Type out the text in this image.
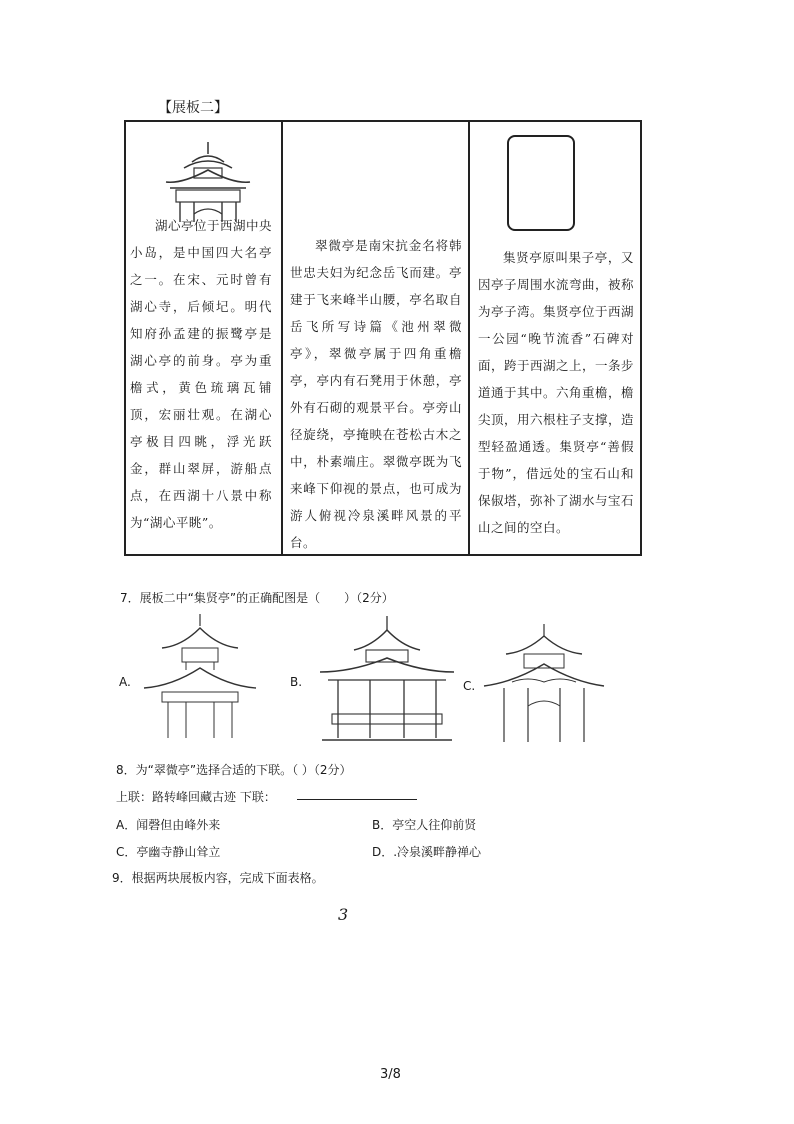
【展板二】
湖心亭位于西湖中央小岛，是中国四大名亭之一。在宋、元时曾有湖心寺，后倾圮。明代知府孙孟建的振鹭亭是湖心亭的前身。亭为重檐式，黄色琉璃瓦铺顶，宏丽壮观。在湖心亭极目四眺，浮光跃金，群山翠屏，游船点点，在西湖十八景中称为“湖心平眺”。
翠微亭是南宋抗金名将韩世忠夫妇为纪念岳飞而建。亭建于飞来峰半山腰，亭名取自岳飞所写诗篇《池州翠微亭》，翠微亭属于四角重檐亭，亭内有石凳用于休憩，亭外有石砌的观景平台。亭旁山径旋绕，亭掩映在苍松古木之中，朴素端庄。翠微亭既为飞来峰下仰视的景点，也可成为游人俯视冷泉溪畔风景的平台。
集贤亭原叫果子亭，又因亭子周围水流弯曲，被称为亭子湾。集贤亭位于西湖一公园“晚节流香”石碑对面，跨于西湖之上，一条步道通于其中。六角重檐，檐尖顶，用六根柱子支撑，造型轻盈通透。集贤亭“善假于物”，借远处的宝石山和保俶塔，弥补了湖水与宝石山之间的空白。
7．展板二中“集贤亭”的正确配图是（　　）（2分）
A.	B.	C.
8．为“翠微亭”选择合适的下联。（ ）（2分）
上联：路转峰回藏古迹 下联：
A．闻磬但由峰外来	B．亭空人往仰前贤
C．亭幽寺静山耸立	D．.冷泉溪畔静禅心
9．根据两块展板内容，完成下面表格。
3
3/8
